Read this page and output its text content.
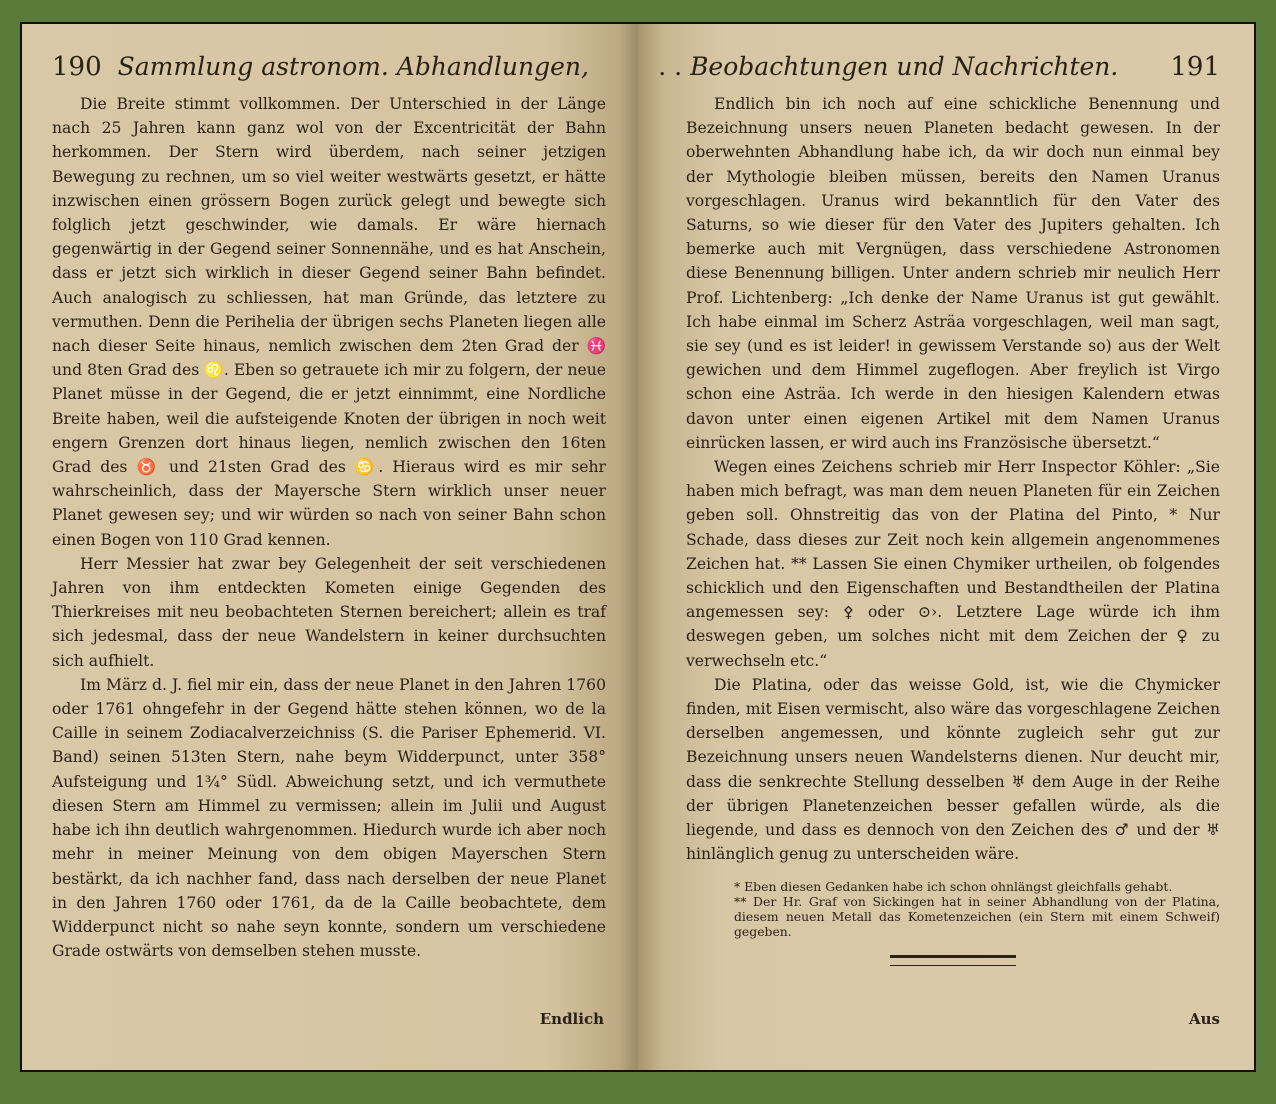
190 Sammlung astronom. Abhandlungen,

Die Breite stimmt vollkommen. Der Unterschied in der Länge nach 25 Jahren kann ganz wol von der Excentricität der Bahn herkommen. Der Stern wird überdem, nach seiner jetzigen Bewegung zu rechnen, um so viel weiter westwärts gesetzt, er hätte inzwischen einen grössern Bogen zurück gelegt und bewegte sich folglich jetzt geschwinder, wie damals. Er wäre hiernach gegenwärtig in der Gegend seiner Sonnennähe, und es hat Anschein, dass er jetzt sich wirklich in dieser Gegend seiner Bahn befindet. Auch analogisch zu schliessen, hat man Gründe, das letztere zu vermuthen. Denn die Perihelia der übrigen sechs Planeten liegen alle nach dieser Seite hinaus, nemlich zwischen dem 2ten Grad der ♓ und 8ten Grad des ♌. Eben so getrauete ich mir zu folgern, der neue Planet müsse in der Gegend, die er jetzt einnimmt, eine Nordliche Breite haben, weil die aufsteigende Knoten der übrigen in noch weit engern Grenzen dort hinaus liegen, nemlich zwischen den 16ten Grad des ♉ und 21sten Grad des ♋. Hieraus wird es mir sehr wahrscheinlich, dass der Mayersche Stern wirklich unser neuer Planet gewesen sey; und wir würden so nach von seiner Bahn schon einen Bogen von 110 Grad kennen.

Herr Messier hat zwar bey Gelegenheit der seit verschiedenen Jahren von ihm entdeckten Kometen einige Gegenden des Thierkreises mit neu beobachteten Sternen bereichert; allein es traf sich jedesmal, dass der neue Wandelstern in keiner durchsuchten sich aufhielt.

Im März d. J. fiel mir ein, dass der neue Planet in den Jahren 1760 oder 1761 ohngefehr in der Gegend hätte stehen können, wo de la Caille in seinem Zodiacalverzeichniss (S. die Pariser Ephemerid. VI. Band) seinen 513ten Stern, nahe beym Widderpunct, unter 358° Aufsteigung und 1¾° Südl. Abweichung setzt, und ich vermuthete diesen Stern am Himmel zu vermissen; allein im Julii und August habe ich ihn deutlich wahrgenommen. Hiedurch wurde ich aber noch mehr in meiner Meinung von dem obigen Mayerschen Stern bestärkt, da ich nachher fand, dass nach derselben der neue Planet in den Jahren 1760 oder 1761, da de la Caille beobachtete, dem Widderpunct nicht so nahe seyn konnte, sondern um verschiedene Grade ostwärts von demselben stehen musste.

Endlich
. . Beobachtungen und Nachrichten. 191

Endlich bin ich noch auf eine schickliche Benennung und Bezeichnung unsers neuen Planeten bedacht gewesen. In der oberwehnten Abhandlung habe ich, da wir doch nun einmal bey der Mythologie bleiben müssen, bereits den Namen Uranus vorgeschlagen. Uranus wird bekanntlich für den Vater des Saturns, so wie dieser für den Vater des Jupiters gehalten. Ich bemerke auch mit Vergnügen, dass verschiedene Astronomen diese Benennung billigen. Unter andern schrieb mir neulich Herr Prof. Lichtenberg: „Ich denke der Name Uranus ist gut gewählt. Ich habe einmal im Scherz Asträa vorgeschlagen, weil man sagt, sie sey (und es ist leider! in gewissem Verstande so) aus der Welt gewichen und dem Himmel zugeflogen. Aber freylich ist Virgo schon eine Asträa. Ich werde in den hiesigen Kalendern etwas davon unter einen eigenen Artikel mit dem Namen Uranus einrücken lassen, er wird auch ins Französische übersetzt.“

Wegen eines Zeichens schrieb mir Herr Inspector Köhler: „Sie haben mich befragt, was man dem neuen Planeten für ein Zeichen geben soll. Ohnstreitig das von der Platina del Pinto, * Nur Schade, dass dieses zur Zeit noch kein allgemein angenommenes Zeichen hat. ** Lassen Sie einen Chymiker urtheilen, ob folgendes schicklich und den Eigenschaften und Bestandtheilen der Platina angemessen sey: ⚴ oder ⊙›. Letztere Lage würde ich ihm deswegen geben, um solches nicht mit dem Zeichen der ♀ zu verwechseln etc.“

Die Platina, oder das weisse Gold, ist, wie die Chymicker finden, mit Eisen vermischt, also wäre das vorgeschlagene Zeichen derselben angemessen, und könnte zugleich sehr gut zur Bezeichnung unsers neuen Wandelsterns dienen. Nur deucht mir, dass die senkrechte Stellung desselben ♅ dem Auge in der Reihe der übrigen Planetenzeichen besser gefallen würde, als die liegende, und dass es dennoch von den Zeichen des ♂ und der ♅ hinlänglich genug zu unterscheiden wäre.

* Eben diesen Gedanken habe ich schon ohnlängst gleichfalls gehabt.

** Der Hr. Graf von Sickingen hat in seiner Abhandlung von der Platina, diesem neuen Metall das Kometenzeichen (ein Stern mit einem Schweif) gegeben.

Aus
